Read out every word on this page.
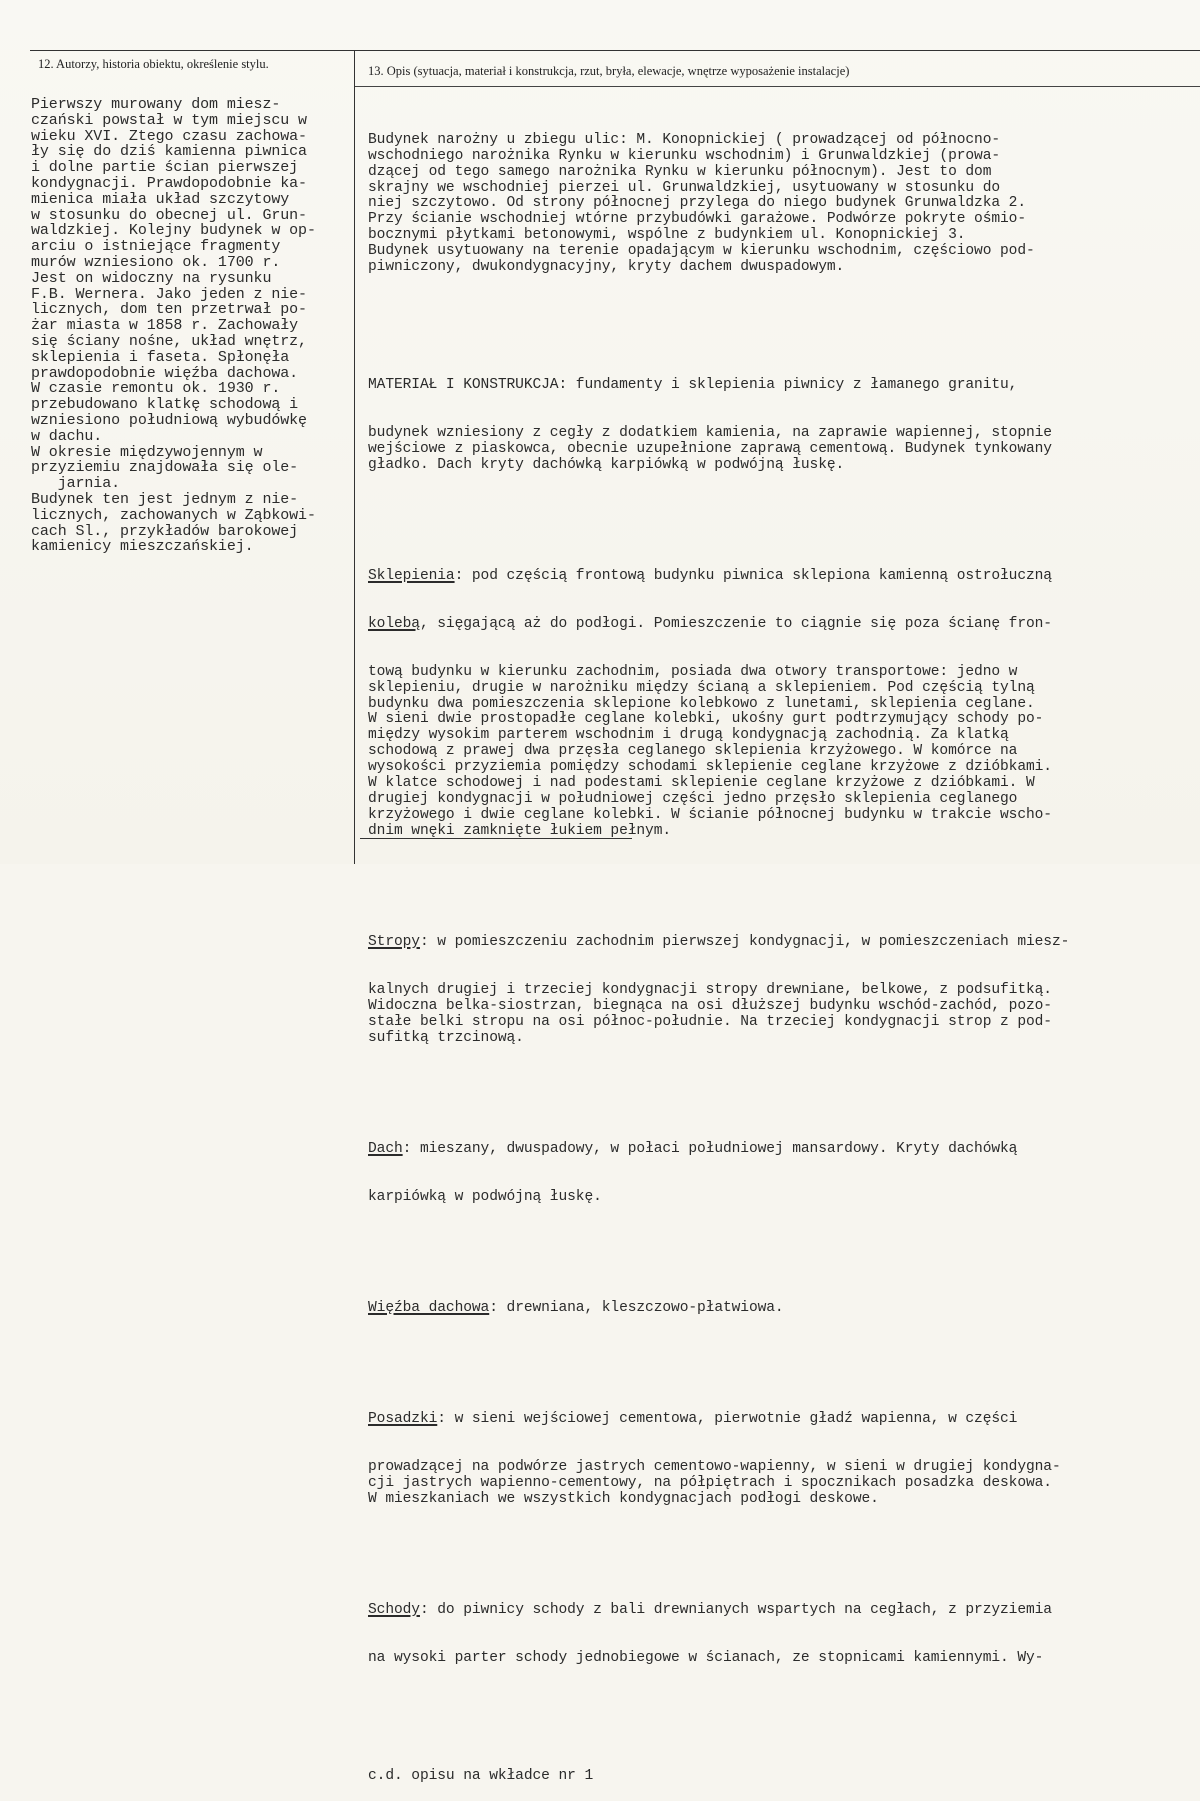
12. Autorzy, historia obiektu, określenie stylu.	13. Opis (sytuacja, materiał i konstrukcja, rzut, bryła, elewacje, wnętrze wyposażenie instalacje)
Pierwszy murowany dom miesz-
czański powstał w tym miejscu w
wieku XVI. Ztego czasu zachowa-
ły się do dziś kamienna piwnica
i dolne partie ścian pierwszej
kondygnacji. Prawdopodobnie ka-
mienica miała układ szczytowy
w stosunku do obecnej ul. Grun-
waldzkiej. Kolejny budynek w op-
arciu o istniejące fragmenty
murów wzniesiono ok. 1700 r.
Jest on widoczny na rysunku
F.B. Wernera. Jako jeden z nie-
licznych, dom ten przetrwał po-
żar miasta w 1858 r. Zachowały
się ściany nośne, układ wnętrz,
sklepienia i faseta. Spłonęła
prawdopodobnie więźba dachowa.
W czasie remontu ok. 1930 r.
przebudowano klatkę schodową i
wzniesiono południową wybudówkę
w dachu.
W okresie międzywojennym w
przyziemiu znajdowała się ole-
jarnia.
Budynek ten jest jednym z nie-
licznych, zachowanych w Ząbkowi-
cach Sl., przykładów barokowej
kamienicy mieszczańskiej.

Budynek narożny u zbiegu ulic: M. Konopnickiej ( prowadzącej od północno-
wschodniego narożnika Rynku w kierunku wschodnim) i Grunwaldzkiej (prowa-
dzącej od tego samego narożnika Rynku w kierunku północnym). Jest to dom
skrajny we wschodniej pierzei ul. Grunwaldzkiej, usytuowany w stosunku do
niej szczytowo. Od strony północnej przylega do niego budynek Grunwaldzka 2.
Przy ścianie wschodniej wtórne przybudówki garażowe. Podwórze pokryte ośmio-
bocznymi płytkami betonowymi, wspólne z budynkiem ul. Konopnickiej 3.
Budynek usytuowany na terenie opadającym w kierunku wschodnim, częściowo pod-
piwniczony, dwukondygnacyjny, kryty dachem dwuspadowym.

MATERIAŁ I KONSTRUKCJA: fundamenty i sklepienia piwnicy z łamanego granitu,

budynek wzniesiony z cegły z dodatkiem kamienia, na zaprawie wapiennej, stopnie
wejściowe z piaskowca, obecnie uzupełnione zaprawą cementową. Budynek tynkowany
gładko. Dach kryty dachówką karpiówką w podwójną łuskę.

Sklepienia: pod częścią frontową budynku piwnica sklepiona kamienną ostrołuczną

kolebą, sięgającą aż do podłogi. Pomieszczenie to ciągnie się poza ścianę fron-

tową budynku w kierunku zachodnim, posiada dwa otwory transportowe: jedno w
sklepieniu, drugie w narożniku między ścianą a sklepieniem. Pod częścią tylną
budynku dwa pomieszczenia sklepione kolebkowo z lunetami, sklepienia ceglane.
W sieni dwie prostopadłe ceglane kolebki, ukośny gurt podtrzymujący schody po-
między wysokim parterem wschodnim i drugą kondygnacją zachodnią. Za klatką
schodową z prawej dwa przęsła ceglanego sklepienia krzyżowego. W komórce na
wysokości przyziemia pomiędzy schodami sklepienie ceglane krzyżowe z dzióbkami.
W klatce schodowej i nad podestami sklepienie ceglane krzyżowe z dzióbkami. W
drugiej kondygnacji w południowej części jedno przęsło sklepienia ceglanego
krzyżowego i dwie ceglane kolebki. W ścianie północnej budynku w trakcie wscho-
dnim wnęki zamknięte łukiem pełnym.

Stropy: w pomieszczeniu zachodnim pierwszej kondygnacji, w pomieszczeniach miesz-

kalnych drugiej i trzeciej kondygnacji stropy drewniane, belkowe, z podsufitką.
Widoczna belka-siostrzan, biegnąca na osi dłuższej budynku wschód-zachód, pozo-
stałe belki stropu na osi północ-południe. Na trzeciej kondygnacji strop z pod-
sufitką trzcinową.

Dach: mieszany, dwuspadowy, w połaci południowej mansardowy. Kryty dachówką

karpiówką w podwójną łuskę.

Więźba dachowa: drewniana, kleszczowo-płatwiowa.

Posadzki: w sieni wejściowej cementowa, pierwotnie gładź wapienna, w części

prowadzącej na podwórze jastrych cementowo-wapienny, w sieni w drugiej kondygna-
cji jastrych wapienno-cementowy, na półpiętrach i spocznikach posadzka deskowa.
W mieszkaniach we wszystkich kondygnacjach podłogi deskowe.

Schody: do piwnicy schody z bali drewnianych wspartych na cegłach, z przyziemia

na wysoki parter schody jednobiegowe w ścianach, ze stopnicami kamiennymi. Wy-

c.d. opisu na wkładce nr 1
